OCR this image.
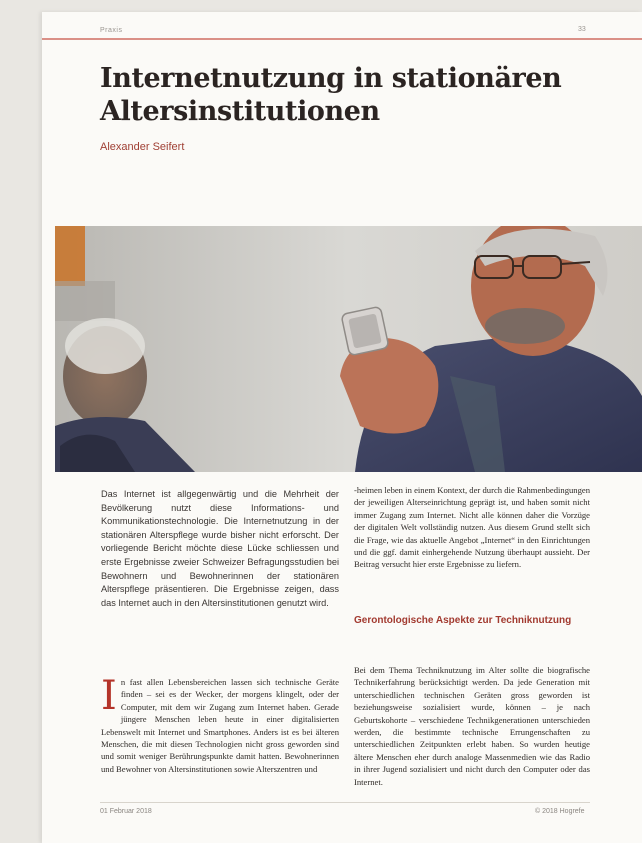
Praxis	33
Internetnutzung in stationären Altersinstitutionen
Alexander Seifert

Das Internet ist allgegenwärtig und die Mehrheit der Bevölkerung nutzt diese Informations- und Kommunikationstechnologie. Die Internetnutzung in der stationären Alterspflege wurde bisher nicht erforscht. Der vorliegende Bericht möchte diese Lücke schliessen und erste Ergebnisse zweier Schweizer Befragungsstudien bei Bewohnern und Bewohnerinnen der stationären Alterspflege präsentieren. Die Ergebnisse zeigen, dass das Internet auch in den Altersinstitutionen genutzt wird.

I n fast allen Lebensbereichen lassen sich technische Geräte finden – sei es der Wecker, der morgens klingelt, oder der Computer, mit dem wir Zugang zum Internet haben. Gerade jüngere Menschen leben heute in einer digitalisierten Lebenswelt mit Internet und Smartphones. Anders ist es bei älteren Menschen, die mit diesen Technologien nicht gross geworden sind und somit weniger Berührungspunkte damit hatten. Bewohnerinnen und Bewohner von Altersinstitutionen sowie Alterszentren und

-heimen leben in einem Kontext, der durch die Rahmenbedingungen der jeweiligen Alterseinrichtung geprägt ist, und haben somit nicht immer Zugang zum Internet. Nicht alle können daher die Vorzüge der digitalen Welt vollständig nutzen. Aus diesem Grund stellt sich die Frage, wie das aktuelle Angebot „Internet“ in den Einrichtungen und die ggf. damit einhergehende Nutzung überhaupt aussieht. Der Beitrag versucht hier erste Ergebnisse zu liefern.

Gerontologische Aspekte zur Techniknutzung

Bei dem Thema Techniknutzung im Alter sollte die biografische Technikerfahrung berücksichtigt werden. Da jede Generation mit unterschiedlichen technischen Geräten gross geworden ist beziehungsweise sozialisiert wurde, können – je nach Geburtskohorte – verschiedene Technikgenerationen unterschieden werden, die bestimmte technische Errungenschaften zu unterschiedlichen Zeitpunkten erlebt haben. So wurden heutige ältere Menschen eher durch analoge Massenmedien wie das Radio in ihrer Jugend sozialisiert und nicht durch den Computer oder das Internet.

01 Februar 2018	© 2018 Hogrefe
